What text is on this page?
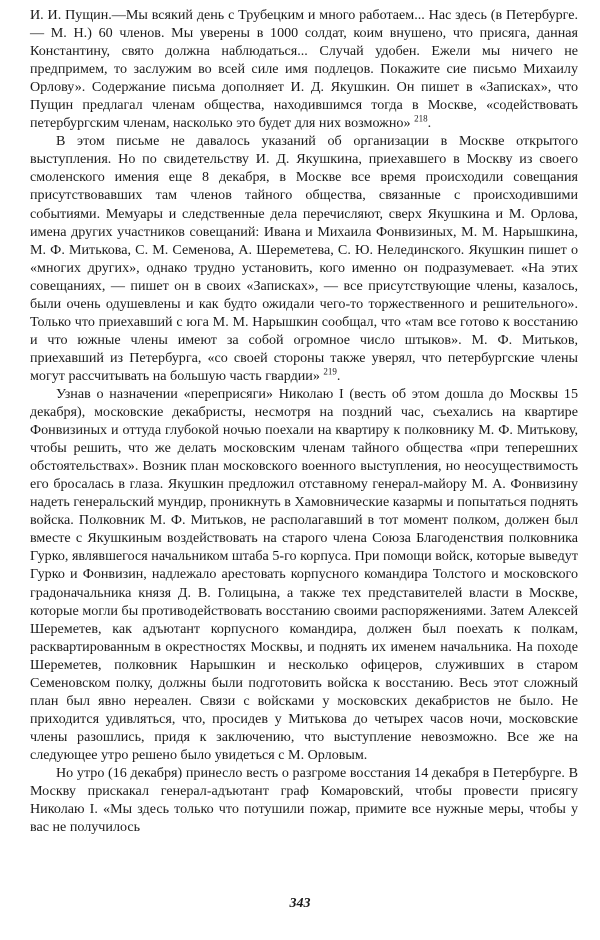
И. И. Пущин.—Мы всякий день с Трубецким и много работаем... Нас здесь (в Петербурге. — М. Н.) 60 членов. Мы уверены в 1000 солдат, коим внушено, что присяга, данная Константину, свято должна наблюдаться... Случай удобен. Ежели мы ничего не предпримем, то заслужим во всей силе имя подлецов. Покажите сие письмо Михаилу Орлову». Содержание письма дополняет И. Д. Якушкин. Он пишет в «Записках», что Пущин предлагал членам общества, находившимся тогда в Москве, «содействовать петербургским членам, насколько это будет для них возможно» $^{218}$.

В этом письме не давалось указаний об организации в Москве открытого выступления. Но по свидетельству И. Д. Якушкина, приехавшего в Москву из своего смоленского имения еще 8 декабря, в Москве все время происходили совещания присутствовавших там членов тайного общества, связанные с происходившими событиями. Мемуары и следственные дела перечисляют, сверх Якушкина и М. Орлова, имена других участников совещаний: Ивана и Михаила Фонвизиных, М. М. Нарышкина, М. Ф. Митькова, С. М. Семенова, А. Шереметева, С. Ю. Нелединского. Якушкин пишет о «многих других», однако трудно установить, кого именно он подразумевает. «На этих совещаниях, — пишет он в своих «Записках», — все присутствующие члены, казалось, были очень одушевлены и как будто ожидали чего-то торжественного и решительного». Только что приехавший с юга М. М. Нарышкин сообщал, что «там все готово к восстанию и что южные члены имеют за собой огромное число штыков». М. Ф. Митьков, приехавший из Петербурга, «со своей стороны также уверял, что петербургские члены могут рассчитывать на большую часть гвардии» $^{219}$.

Узнав о назначении «переприсяги» Николаю I (весть об этом дошла до Москвы 15 декабря), московские декабристы, несмотря на поздний час, съехались на квартире Фонвизиных и оттуда глубокой ночью поехали на квартиру к полковнику М. Ф. Митькову, чтобы решить, что же делать московским членам тайного общества «при теперешних обстоятельствах». Возник план московского военного выступления, но неосуществимость его бросалась в глаза. Якушкин предложил отставному генерал-майору М. А. Фонвизину надеть генеральский мундир, проникнуть в Хамовнические казармы и попытаться поднять войска. Полковник М. Ф. Митьков, не располагавший в тот момент полком, должен был вместе с Якушкиным воздействовать на старого члена Союза Благоденствия полковника Гурко, являвшегося начальником штаба 5-го корпуса. При помощи войск, которые выведут Гурко и Фонвизин, надлежало арестовать корпусного командира Толстого и московского градоначальника князя Д. В. Голицына, а также тех представителей власти в Москве, которые могли бы противодействовать восстанию своими распоряжениями. Затем Алексей Шереметев, как адъютант корпусного командира, должен был поехать к полкам, расквартированным в окрестностях Москвы, и поднять их именем начальника. На походе Шереметев, полковник Нарышкин и несколько офицеров, служивших в старом Семеновском полку, должны были подготовить войска к восстанию. Весь этот сложный план был явно нереален. Связи с войсками у московских декабристов не было. Не приходится удивляться, что, просидев у Митькова до четырех часов ночи, московские члены разошлись, придя к заключению, что выступление невозможно. Все же на следующее утро решено было увидеться с М. Орловым.

Но утро (16 декабря) принесло весть о разгроме восстания 14 декабря в Петербурге. В Москву прискакал генерал-адъютант граф Комаровский, чтобы провести присягу Николаю I. «Мы здесь только что потушили пожар, примите все нужные меры, чтобы у вас не получилось

343
